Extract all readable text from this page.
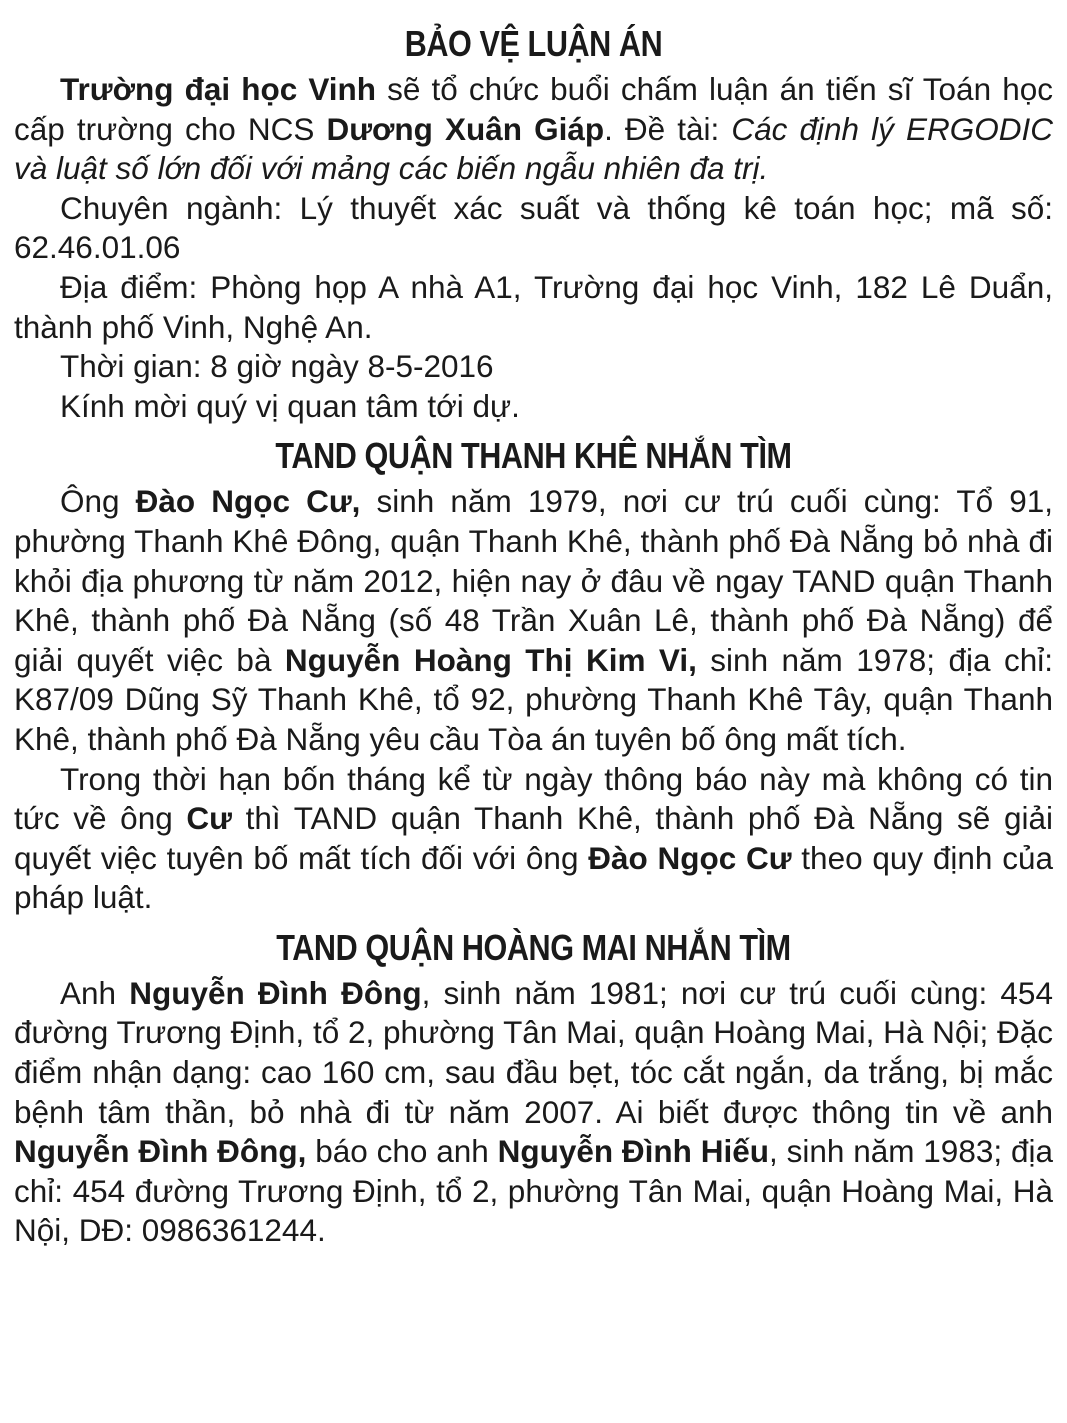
BẢO VỆ LUẬN ÁN

Trường đại học Vinh sẽ tổ chức buổi chấm luận án tiến sĩ Toán học cấp trường cho NCS Dương Xuân Giáp. Đề tài: Các định lý ERGODIC và luật số lớn đối với mảng các biến ngẫu nhiên đa trị.

Chuyên ngành: Lý thuyết xác suất và thống kê toán học; mã số: 62.46.01.06

Địa điểm: Phòng họp A nhà A1, Trường đại học Vinh, 182 Lê Duẩn, thành phố Vinh, Nghệ An.

Thời gian: 8 giờ ngày 8-5-2016

Kính mời quý vị quan tâm tới dự.

TAND QUẬN THANH KHÊ NHẮN TÌM

Ông Đào Ngọc Cư, sinh năm 1979, nơi cư trú cuối cùng: Tổ 91, phường Thanh Khê Đông, quận Thanh Khê, thành phố Đà Nẵng bỏ nhà đi khỏi địa phương từ năm 2012, hiện nay ở đâu về ngay TAND quận Thanh Khê, thành phố Đà Nẵng (số 48 Trần Xuân Lê, thành phố Đà Nẵng) để giải quyết việc bà Nguyễn Hoàng Thị Kim Vi, sinh năm 1978; địa chỉ: K87/09 Dũng Sỹ Thanh Khê, tổ 92, phường Thanh Khê Tây, quận Thanh Khê, thành phố Đà Nẵng yêu cầu Tòa án tuyên bố ông mất tích.

Trong thời hạn bốn tháng kể từ ngày thông báo này mà không có tin tức về ông Cư thì TAND quận Thanh Khê, thành phố Đà Nẵng sẽ giải quyết việc tuyên bố mất tích đối với ông Đào Ngọc Cư theo quy định của pháp luật.

TAND QUẬN HOÀNG MAI NHẮN TÌM

Anh Nguyễn Đình Đông, sinh năm 1981; nơi cư trú cuối cùng: 454 đường Trương Định, tổ 2, phường Tân Mai, quận Hoàng Mai, Hà Nội; Đặc điểm nhận dạng: cao 160 cm, sau đầu bẹt, tóc cắt ngắn, da trắng, bị mắc bệnh tâm thần, bỏ nhà đi từ năm 2007. Ai biết được thông tin về anh Nguyễn Đình Đông, báo cho anh Nguyễn Đình Hiếu, sinh năm 1983; địa chỉ: 454 đường Trương Định, tổ 2, phường Tân Mai, quận Hoàng Mai, Hà Nội, DĐ: 0986361244.
